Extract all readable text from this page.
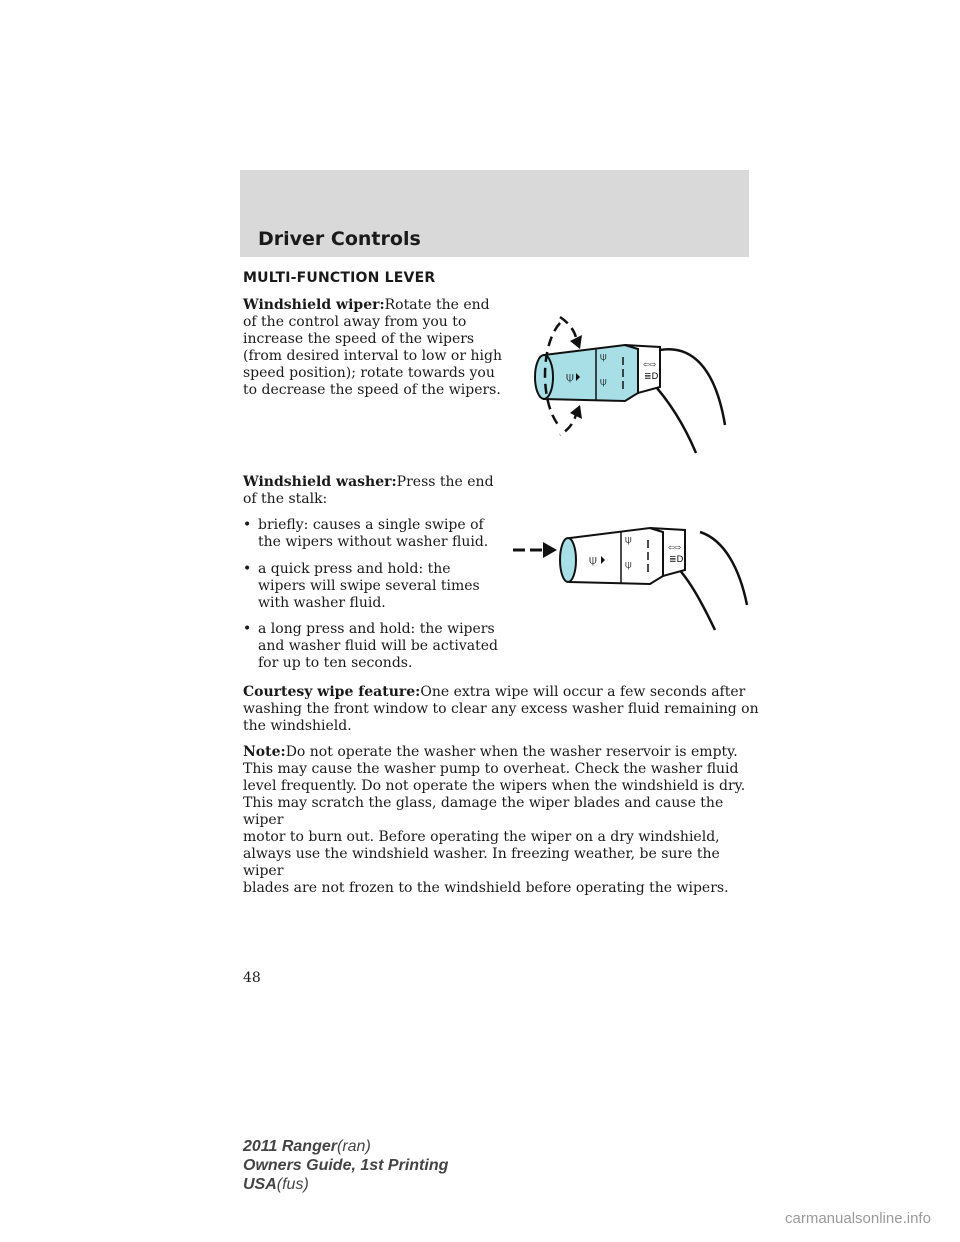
Driver Controls
MULTI-FUNCTION LEVER
Windshield wiper:Rotate the end
of the control away from you to
increase the speed of the wipers
(from desired interval to low or high
speed position); rotate towards you
to decrease the speed of the wipers.
⍦
⍦
⍦
⇦⇨
≣D
Windshield washer:Press the end
of the stalk:
• briefly: causes a single swipe of
the wipers without washer fluid.
• a quick press and hold: the
wipers will swipe several times
with washer fluid.
• a long press and hold: the wipers
and washer fluid will be activated
for up to ten seconds.
⍦
⍦
⍦
⇦⇨
≣D
Courtesy wipe feature:One extra wipe will occur a few seconds after
washing the front window to clear any excess washer fluid remaining on
the windshield.
Note:Do not operate the washer when the washer reservoir is empty.
This may cause the washer pump to overheat. Check the washer fluid
level frequently. Do not operate the wipers when the windshield is dry.
This may scratch the glass, damage the wiper blades and cause the wiper
motor to burn out. Before operating the wiper on a dry windshield,
always use the windshield washer. In freezing weather, be sure the wiper
blades are not frozen to the windshield before operating the wipers.
48
2011 Ranger(ran)
Owners Guide, 1st Printing
USA(fus)
carmanualsonline.info
